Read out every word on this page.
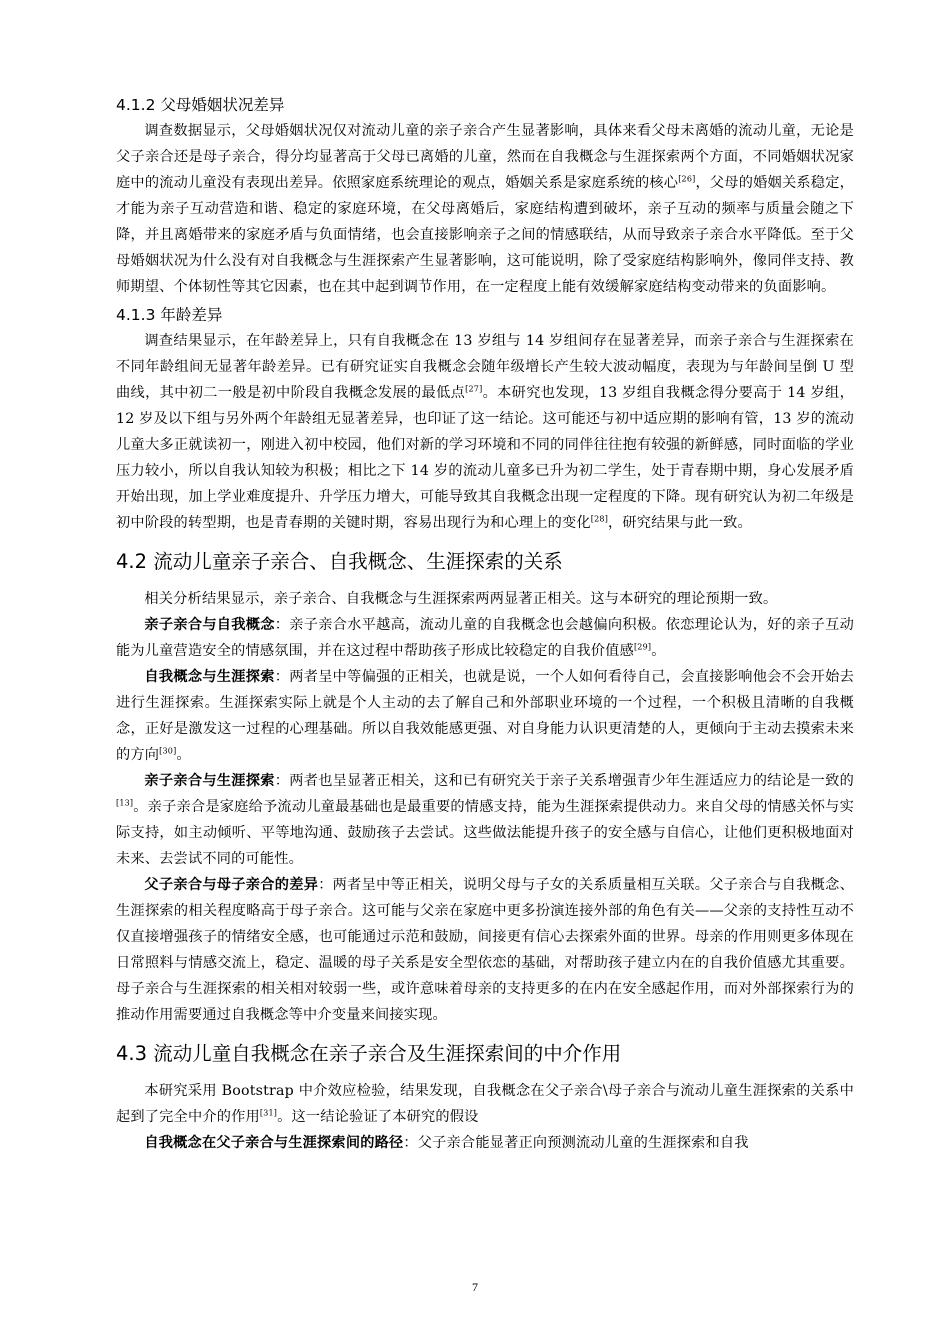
4.1.2 父母婚姻状况差异

调查数据显示，父母婚姻状况仅对流动儿童的亲子亲合产生显著影响，具体来看父母未离婚的流动儿童，无论是父子亲合还是母子亲合，得分均显著高于父母已离婚的儿童，然而在自我概念与生涯探索两个方面，不同婚姻状况家庭中的流动儿童没有表现出差异。依照家庭系统理论的观点，婚姻关系是家庭系统的核心[26]，父母的婚姻关系稳定，才能为亲子互动营造和谐、稳定的家庭环境，在父母离婚后，家庭结构遭到破坏，亲子互动的频率与质量会随之下降，并且离婚带来的家庭矛盾与负面情绪，也会直接影响亲子之间的情感联结，从而导致亲子亲合水平降低。至于父母婚姻状况为什么没有对自我概念与生涯探索产生显著影响，这可能说明，除了受家庭结构影响外，像同伴支持、教师期望、个体韧性等其它因素，也在其中起到调节作用，在一定程度上能有效缓解家庭结构变动带来的负面影响。

4.1.3 年龄差异

调查结果显示，在年龄差异上，只有自我概念在 13 岁组与 14 岁组间存在显著差异，而亲子亲合与生涯探索在不同年龄组间无显著年龄差异。已有研究证实自我概念会随年级增长产生较大波动幅度，表现为与年龄间呈倒 U 型曲线，其中初二一般是初中阶段自我概念发展的最低点[27]。本研究也发现，13 岁组自我概念得分要高于 14 岁组，12 岁及以下组与另外两个年龄组无显著差异，也印证了这一结论。这可能还与初中适应期的影响有管，13 岁的流动儿童大多正就读初一，刚进入初中校园，他们对新的学习环境和不同的同伴往往抱有较强的新鲜感，同时面临的学业压力较小，所以自我认知较为积极；相比之下 14 岁的流动儿童多已升为初二学生，处于青春期中期，身心发展矛盾开始出现，加上学业难度提升、升学压力增大，可能导致其自我概念出现一定程度的下降。现有研究认为初二年级是初中阶段的转型期，也是青春期的关键时期，容易出现行为和心理上的变化[28]，研究结果与此一致。

4.2 流动儿童亲子亲合、自我概念、生涯探索的关系

相关分析结果显示，亲子亲合、自我概念与生涯探索两两显著正相关。这与本研究的理论预期一致。

亲子亲合与自我概念：亲子亲合水平越高，流动儿童的自我概念也会越偏向积极。依恋理论认为，好的亲子互动能为儿童营造安全的情感氛围，并在这过程中帮助孩子形成比较稳定的自我价值感[29]。

自我概念与生涯探索：两者呈中等偏强的正相关，也就是说，一个人如何看待自己，会直接影响他会不会开始去进行生涯探索。生涯探索实际上就是个人主动的去了解自己和外部职业环境的一个过程，一个积极且清晰的自我概念，正好是激发这一过程的心理基础。所以自我效能感更强、对自身能力认识更清楚的人，更倾向于主动去摸索未来的方向[30]。

亲子亲合与生涯探索：两者也呈显著正相关，这和已有研究关于亲子关系增强青少年生涯适应力的结论是一致的[13]。亲子亲合是家庭给予流动儿童最基础也是最重要的情感支持，能为生涯探索提供动力。来自父母的情感关怀与实际支持，如主动倾听、平等地沟通、鼓励孩子去尝试。这些做法能提升孩子的安全感与自信心，让他们更积极地面对未来、去尝试不同的可能性。

父子亲合与母子亲合的差异：两者呈中等正相关，说明父母与子女的关系质量相互关联。父子亲合与自我概念、生涯探索的相关程度略高于母子亲合。这可能与父亲在家庭中更多扮演连接外部的角色有关——父亲的支持性互动不仅直接增强孩子的情绪安全感，也可能通过示范和鼓励，间接更有信心去探索外面的世界。母亲的作用则更多体现在日常照料与情感交流上，稳定、温暖的母子关系是安全型依恋的基础，对帮助孩子建立内在的自我价值感尤其重要。母子亲合与生涯探索的相关相对较弱一些，或许意味着母亲的支持更多的在内在安全感起作用，而对外部探索行为的推动作用需要通过自我概念等中介变量来间接实现。

4.3 流动儿童自我概念在亲子亲合及生涯探索间的中介作用

本研究采用 Bootstrap 中介效应检验，结果发现，自我概念在父子亲合\母子亲合与流动儿童生涯探索的关系中起到了完全中介的作用[31]。这一结论验证了本研究的假设

自我概念在父子亲合与生涯探索间的路径：父子亲合能显著正向预测流动儿童的生涯探索和自我

7
